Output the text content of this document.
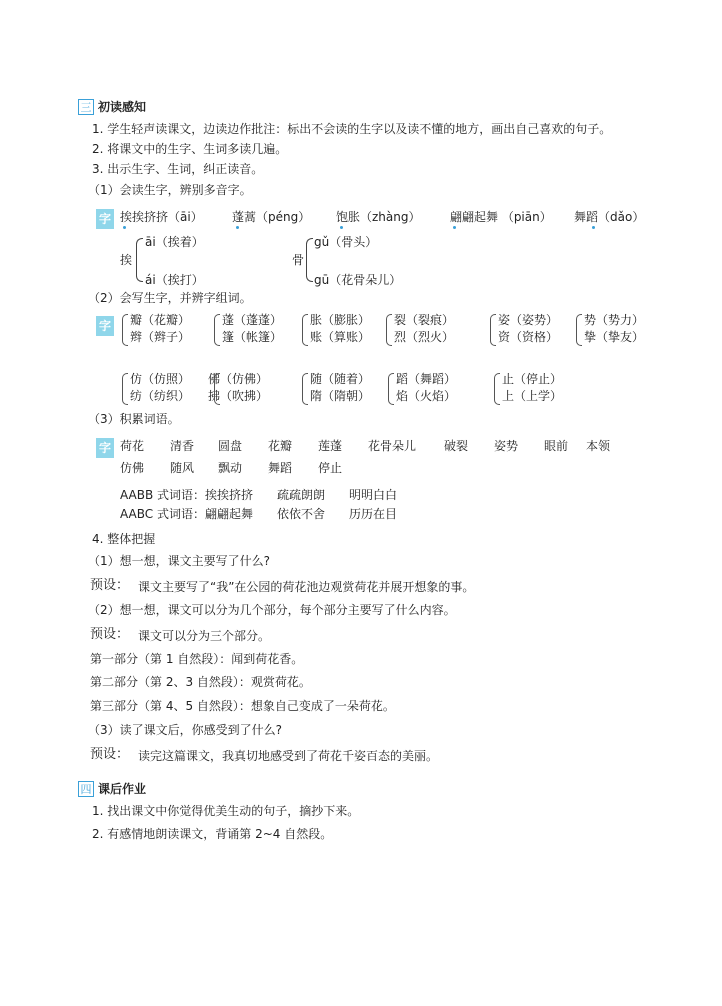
三 初读感知
1. 学生轻声读课文，边读边作批注：标出不会读的生字以及读不懂的地方，画出自己喜欢的句子。
2. 将课文中的生字、生词多读几遍。
3. 出示生字、生词，纠正读音。
（1）会读生字，辨别多音字。
字 挨挨挤挤（āi） 蓬蒿（péng） 饱胀（zhàng） 翩翩起舞 （piān） 舞蹈（dǎo）
挨
āi（挨着）
ái（挨打）
骨
gǔ（骨头）
gū（花骨朵儿）
（2）会写生字，并辨字组词。
字	瓣（花瓣）
辫（辫子）
蓬（蓬蓬）
篷（帐篷）
胀（膨胀）
账（算账）
裂（裂痕）
烈（烈火）
姿（姿势）
资（资格）
势（势力）
挚（挚友）
仿（仿照）
纺（纺织）
佛（仿佛）
拂（吹拂）
随（随着）
隋（隋朝）
蹈（舞蹈）
焰（火焰）
止（停止）
上（上学）
（3）积累词语。
字 荷花 清香 圆盘 花瓣 莲蓬 花骨朵儿 破裂 姿势 眼前 本领
仿佛 随风 飘动 舞蹈 停止
AABB 式词语：挨挨挤挤　　疏疏朗朗　　明明白白
AABC 式词语：翩翩起舞　　依依不舍　　历历在目
4. 整体把握
（1）想一想，课文主要写了什么?
预设： 课文主要写了“我”在公园的荷花池边观赏荷花并展开想象的事。
（2）想一想，课文可以分为几个部分，每个部分主要写了什么内容。
预设： 课文可以分为三个部分。
第一部分（第 1 自然段）：闻到荷花香。
第二部分（第 2、3 自然段）：观赏荷花。
第三部分（第 4、5 自然段）：想象自己变成了一朵荷花。
（3）读了课文后，你感受到了什么?
预设： 读完这篇课文，我真切地感受到了荷花千姿百态的美丽。
四 课后作业
1. 找出课文中你觉得优美生动的句子，摘抄下来。
2. 有感情地朗读课文，背诵第 2~4 自然段。
